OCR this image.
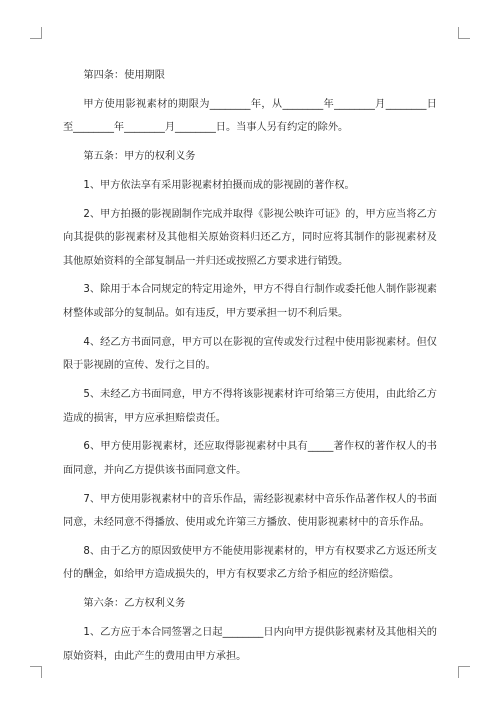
第四条：使用期限

甲方使用影视素材的期限为________年，从________年________月________日至________年________月________日。当事人另有约定的除外。

第五条：甲方的权利义务

1、甲方依法享有采用影视素材拍摄而成的影视剧的著作权。

2、甲方拍摄的影视剧制作完成并取得《影视公映许可证》的，甲方应当将乙方向其提供的影视素材及其他相关原始资料归还乙方，同时应将其制作的影视素材及其他原始资料的全部复制品一并归还或按照乙方要求进行销毁。

3、除用于本合同规定的特定用途外，甲方不得自行制作或委托他人制作影视素材整体或部分的复制品。如有违反，甲方要承担一切不利后果。

4、经乙方书面同意，甲方可以在影视的宣传或发行过程中使用影视素材。但仅限于影视剧的宣传、发行之目的。

5、未经乙方书面同意，甲方不得将该影视素材许可给第三方使用，由此给乙方造成的损害，甲方应承担赔偿责任。

6、甲方使用影视素材，还应取得影视素材中具有_____著作权的著作权人的书面同意，并向乙方提供该书面同意文件。

7、甲方使用影视素材中的音乐作品，需经影视素材中音乐作品著作权人的书面同意，未经同意不得播放、使用或允许第三方播放、使用影视素材中的音乐作品。

8、由于乙方的原因致使甲方不能使用影视素材的，甲方有权要求乙方返还所支付的酬金，如给甲方造成损失的，甲方有权要求乙方给予相应的经济赔偿。

第六条：乙方权利义务

1、乙方应于本合同签署之日起________日内向甲方提供影视素材及其他相关的原始资料，由此产生的费用由甲方承担。
